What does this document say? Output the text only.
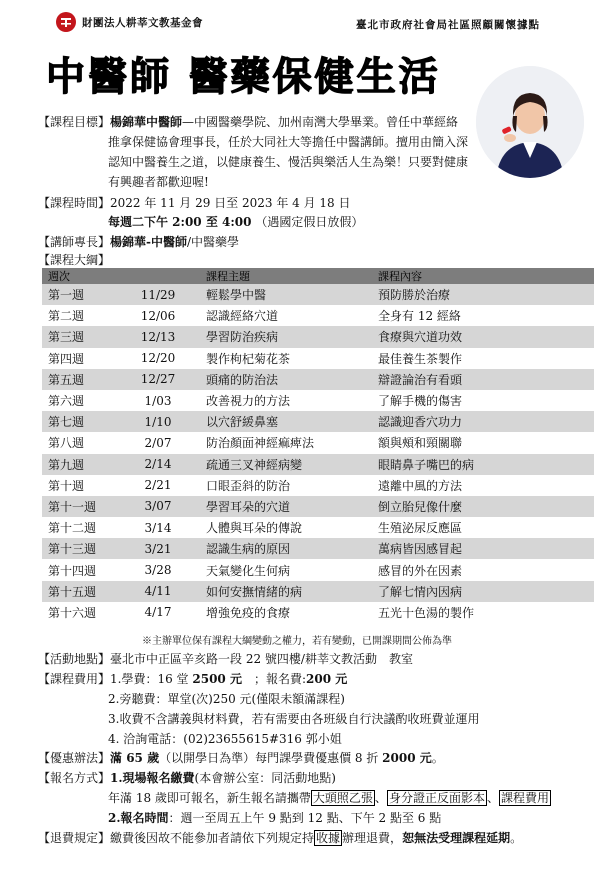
財團法人耕莘文教基金會	臺北市政府社會局社區照顧關懷據點
中醫師 醫藥保健生活
【課程目標】楊錦華中醫師—中國醫藥學院、加州南灣大學畢業。曾任中華經絡
推拿保健協會理事長，任於大同社大等擔任中醫講師。擅用由簡入深
認知中醫養生之道，以健康養生、慢活與樂活人生為樂！只要對健康
有興趣者都歡迎喔!
【課程時間】2022 年 11 月 29 日至 2023 年 4 月 18 日
每週二下午 2:00 至 4:00 （遇國定假日放假）
【講師專長】楊錦華-中醫師/中醫藥學
【課程大綱】
週次		課程主題	課程內容
第一週	11/29	輕鬆學中醫	預防勝於治療
第二週	12/06	認識經絡穴道	全身有 12 經絡
第三週	12/13	學習防治疾病	食療與穴道功效
第四週	12/20	製作枸杞菊花茶	最佳養生茶製作
第五週	12/27	頭痛的防治法	辯證論治有看頭
第六週	1/03	改善視力的方法	了解手機的傷害
第七週	1/10	以穴舒緩鼻塞	認識迎香穴功力
第八週	2/07	防治顏面神經痲痺法	額與頰和頸關聯
第九週	2/14	疏通三叉神經病變	眼睛鼻子嘴巴的病
第十週	2/21	口眼歪斜的防治	遠離中風的方法
第十一週	3/07	學習耳朵的穴道	倒立胎兒像什麼
第十二週	3/14	人體與耳朵的傳說	生殖泌尿反應區
第十三週	3/21	認識生病的原因	萬病皆因感冒起
第十四週	3/28	天氣變化生何病	感冒的外在因素
第十五週	4/11	如何安撫情緒的病	了解七情內因病
第十六週	4/17	增強免疫的食療	五光十色湯的製作
※主辦單位保有課程大綱變動之權力，若有變動，已開課期間公佈為準
【活動地點】臺北市中正區辛亥路一段 22 號四樓/耕莘文教活動　教室
【課程費用】1.學費：16 堂 2500 元　；報名費:200 元
2.旁聽費：單堂(次)250 元(僅限未額滿課程)
3.收費不含講義與材料費，若有需要由各班級自行決議酌收班費並運用
4. 洽詢電話：(02)23655615#316 郭小姐
【優惠辦法】滿 65 歲（以開學日為準）每門課學費優惠價 8 折 2000 元。
【報名方式】1.現場報名繳費(本會辦公室：同活動地點)
年滿 18 歲即可報名，新生報名請攜帶 大頭照乙張 、 身分證正反面影本 、 課程費用
2.報名時間：週一至周五上午 9 點到 12 點、下午 2 點至 6 點
【退費規定】繳費後因故不能參加者請依下列規定持 收據 辦理退費，恕無法受理課程延期。
